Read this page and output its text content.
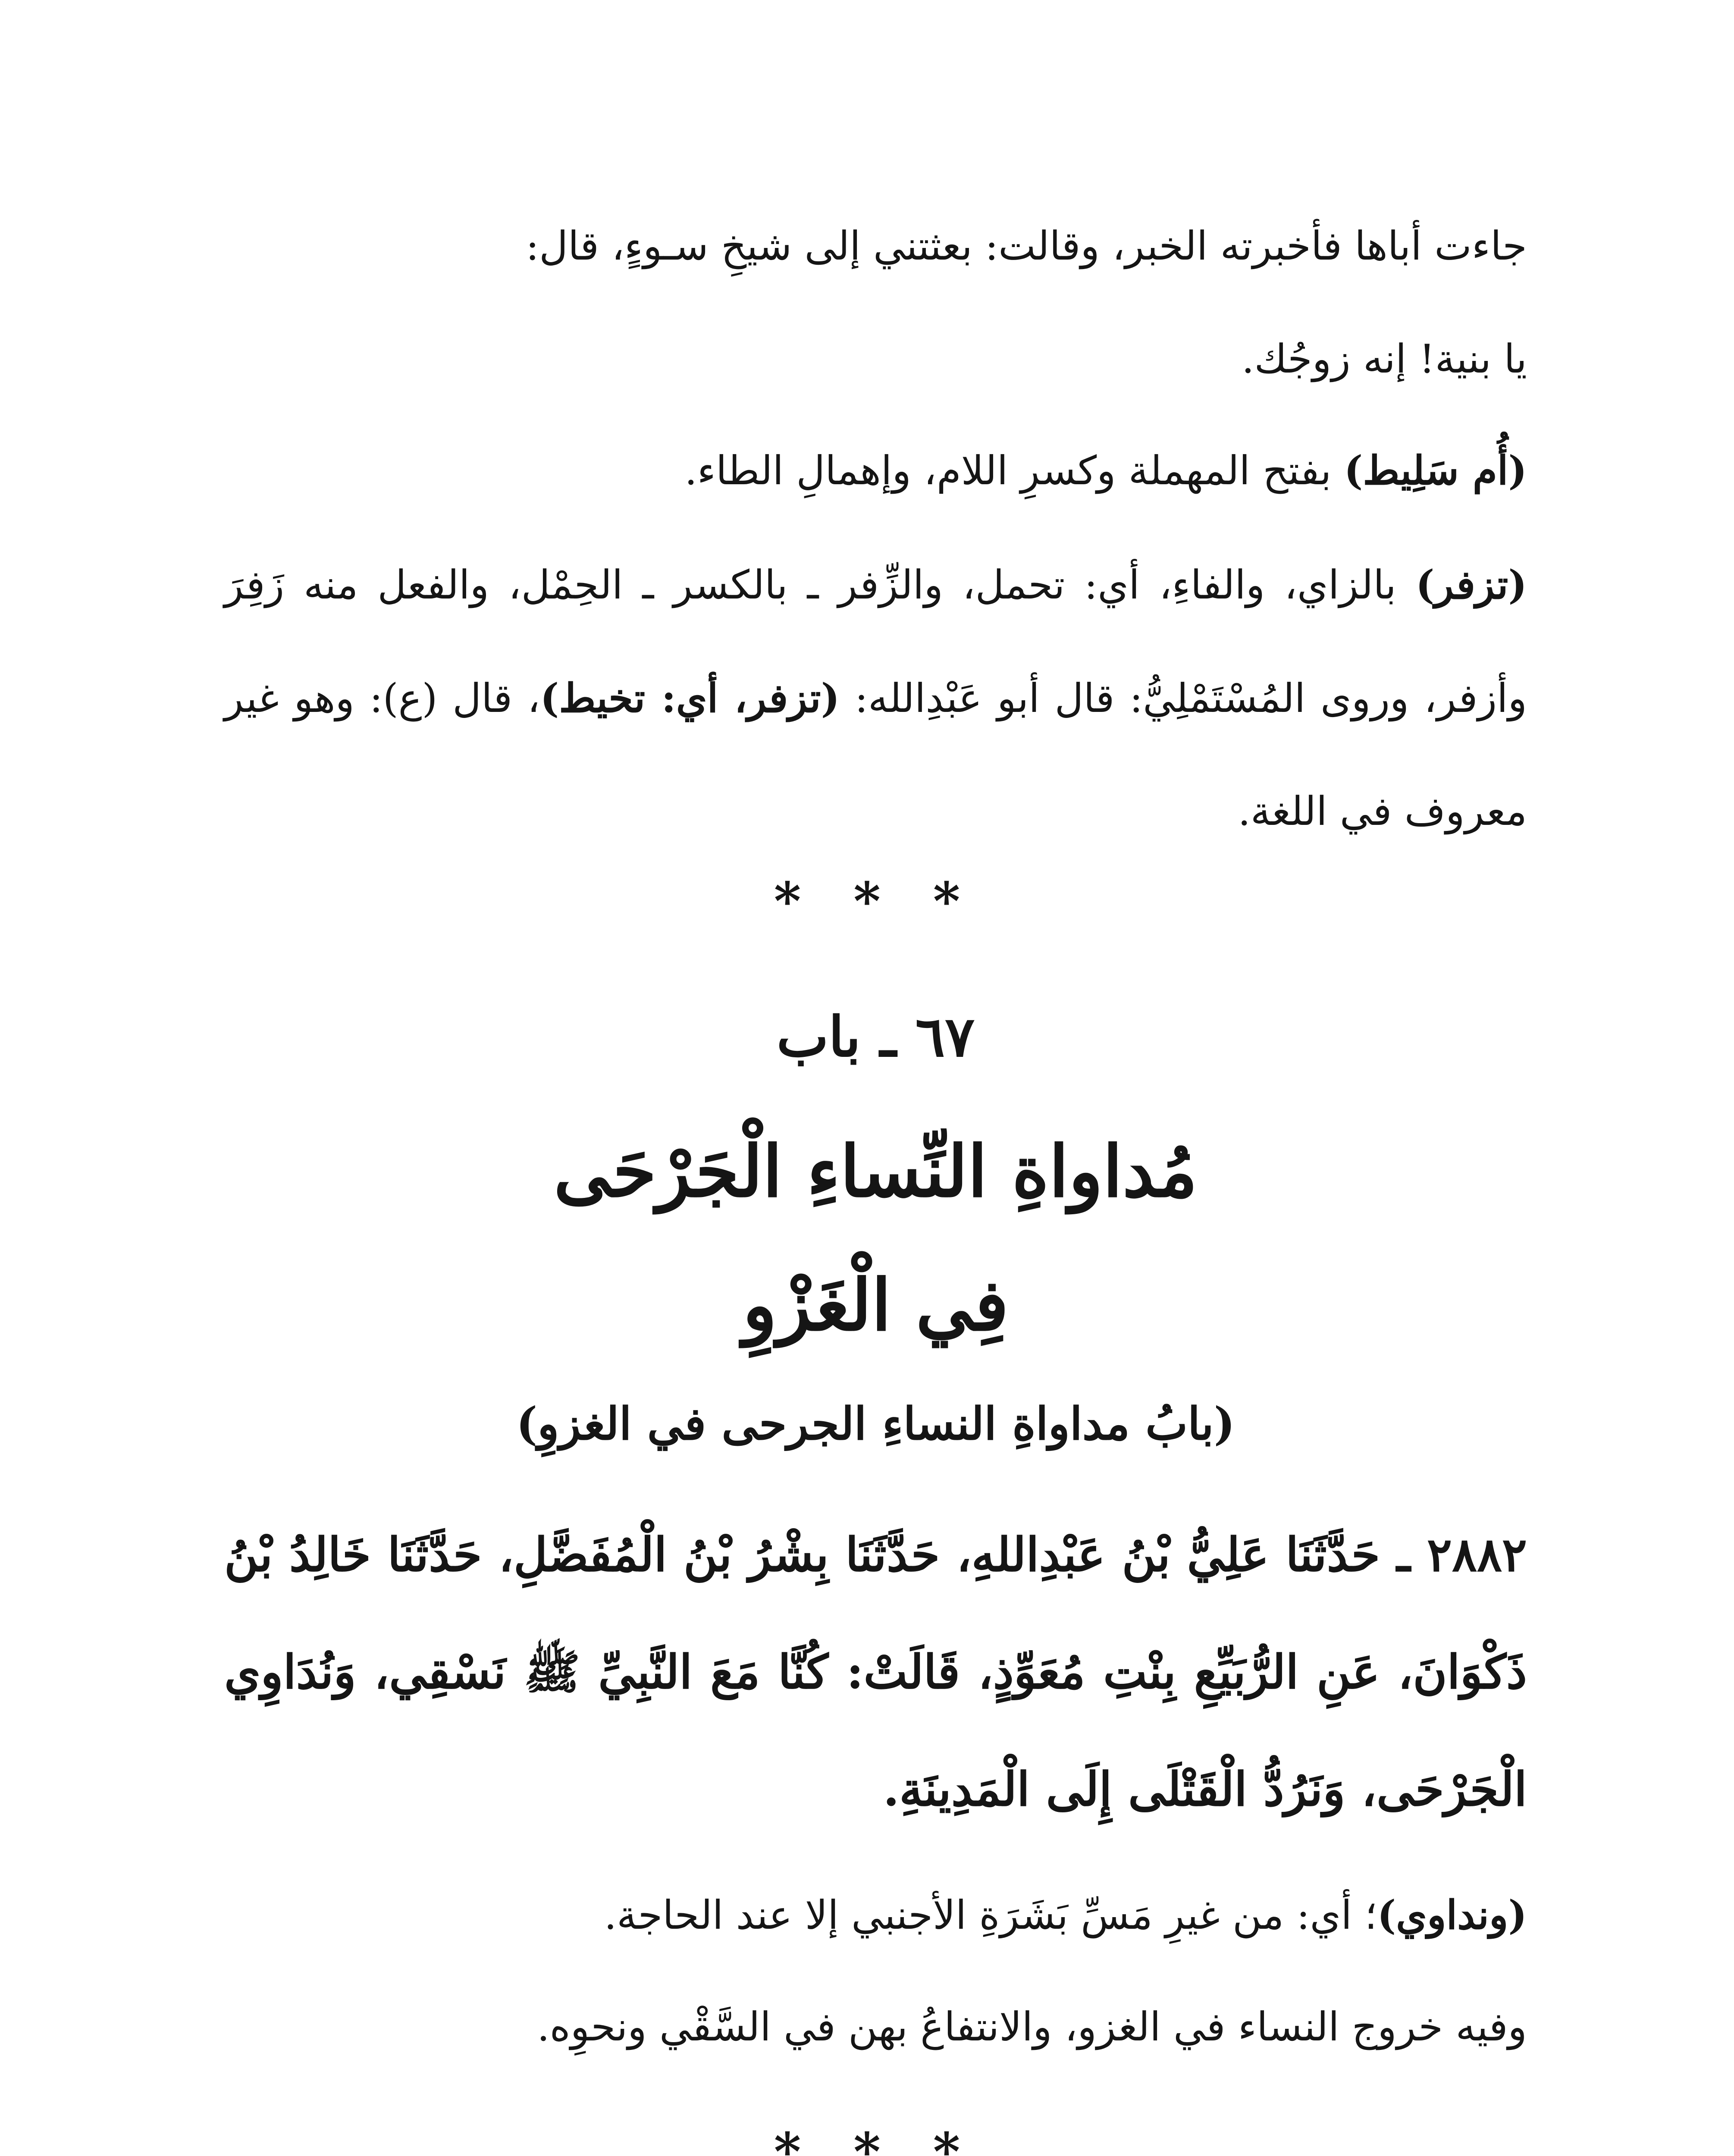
جاءت أباها فأخبرته الخبر، وقالت: بعثتني إلى شيخِ سـوءٍ، قال:
يا بنية! إنه زوجُك.

(أُم سَلِيط) بفتح المهملة وكسرِ اللام، وإهمالِ الطاء.

(تزفر) بالزاي، والفاءِ، أي: تحمل، والزِّفر ـ بالكسر ـ الحِمْل، والفعل منه زَفِرَ وأزفر، وروى المُسْتَمْلِيُّ: قال أبو عَبْدِالله: (تزفر، أي: تخيط)، قال (ع): وهو غير معروف في اللغة.

* * *
٦٧ ـ باب
مُداواةِ النِّساءِ الْجَرْحَى
فِي الْغَزْوِ
(بابُ مداواةِ النساءِ الجرحى في الغزوِ)

٢٨٨٢ ـ حَدَّثَنَا عَلِيُّ بْنُ عَبْدِاللهِ، حَدَّثَنَا بِشْرُ بْنُ الْمُفَضَّلِ، حَدَّثَنَا خَالِدُ بْنُ ذَكْوَانَ، عَنِ الرُّبَيِّعِ بِنْتِ مُعَوِّذٍ، قَالَتْ: كُنَّا مَعَ النَّبِيِّ ﷺ نَسْقِي، وَنُدَاوِي الْجَرْحَى، وَنَرُدُّ الْقَتْلَى إِلَى الْمَدِينَةِ.

(ونداوي)؛ أي: من غيرِ مَسِّ بَشَرَةِ الأجنبي إلا عند الحاجة.

وفيه خروج النساء في الغزو، والانتفاعُ بهن في السَّقْي ونحوِه.

* * *
